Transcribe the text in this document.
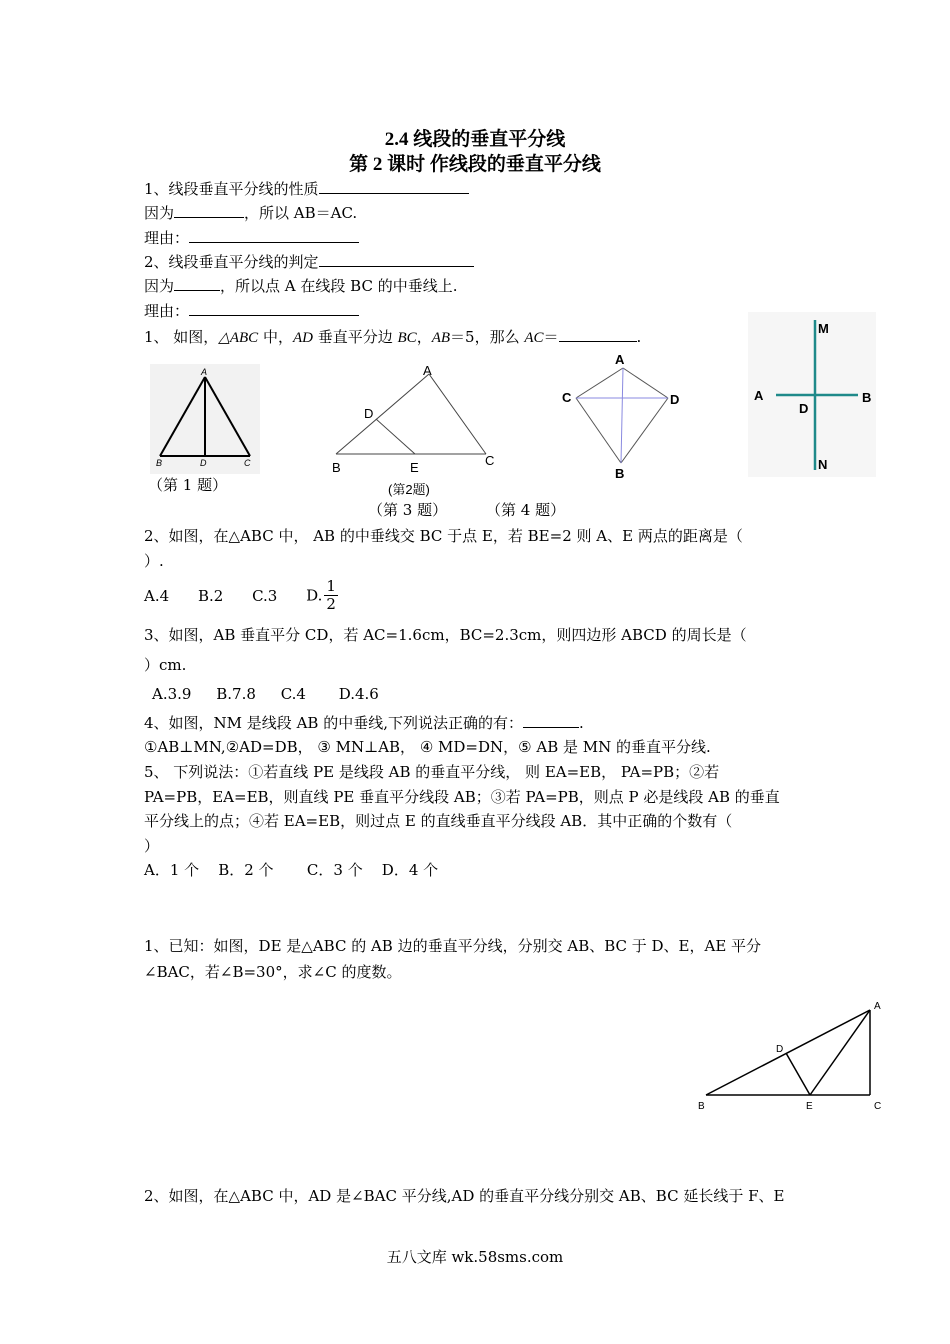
2.4 线段的垂直平分线
第 2 课时 作线段的垂直平分线
1、线段垂直平分线的性质
因为	，所以 AB＝AC.
理由：
2、线段垂直平分线的判定
因为	，所以点 A 在线段 BC 的中垂线上.
理由：
1、 如图，△ABC 中，AD 垂直平分边 BC，AB＝5，那么 AC＝	.
A
B	D	C
（第 1 题）
A
D
B	E	C
(第2题)
A
C	D
B
（第 3 题）
M
A
D
B
N
（第 4 题）
2、如图，在△ABC 中， AB 的中垂线交 BC 于点 E，若 BE=2 则 A、E 两点的距离是（
）.
A.4 B.2 C.3 D. $\frac{1}{2}$
3、如图，AB 垂直平分 CD，若 AC=1.6cm，BC=2.3cm，则四边形 ABCD 的周长是（
）cm.
A.3.9 B.7.8 C.4 D.4.6
4、如图，NM 是线段 AB 的中垂线,下列说法正确的有：	.
①AB⊥MN,②AD=DB， ③ MN⊥AB， ④ MD=DN，⑤ AB 是 MN 的垂直平分线.
5、 下列说法：①若直线 PE 是线段 AB 的垂直平分线， 则 EA=EB， PA=PB；②若
PA=PB，EA=EB，则直线 PE 垂直平分线段 AB；③若 PA=PB，则点 P 必是线段 AB 的垂直
平分线上的点；④若 EA=EB，则过点 E 的直线垂直平分线段 AB．其中正确的个数有（
）
A．1 个    B．2 个       C．3 个    D．4 个
1、已知：如图，DE 是△ABC 的 AB 边的垂直平分线，分别交 AB、BC 于 D、E，AE 平分
∠BAC，若∠B=30°，求∠C 的度数。
A
D
B	E	C
2、如图，在△ABC 中，AD 是∠BAC 平分线,AD 的垂直平分线分别交 AB、BC 延长线于 F、E
五八文库 wk.58sms.com
